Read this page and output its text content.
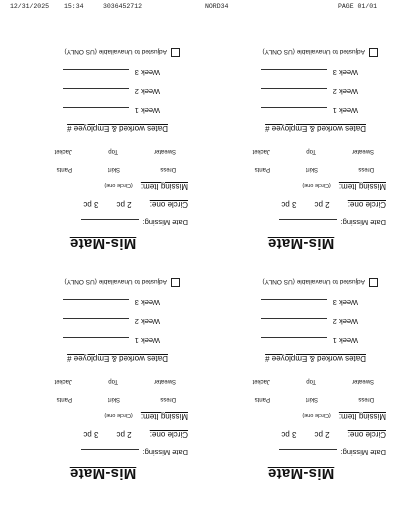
12/31/2025 15:34	3036452712	NORD34	PAGE 01/01
Mis-Mate
Date Missing:
Circle one: 2 pc 3 pc
Missing Item: (Circle one)
Dress
Skirt
Pants
Sweater
Top
Jacket
Dates worked & Employee #
Week 1
Week 2
Week 3
Adjusted to Unavailable (US ONLY)
Mis-Mate
Date Missing:
Circle one: 2 pc 3 pc
Missing Item: (Circle one)
Dress
Skirt
Pants
Sweater
Top
Jacket
Dates worked & Employee #
Week 1
Week 2
Week 3
Adjusted to Unavailable (US ONLY)
Mis-Mate
Date Missing:
Circle one: 2 pc 3 pc
Missing Item: (Circle one)
Dress
Skirt
Pants
Sweater
Top
Jacket
Dates worked & Employee #
Week 1
Week 2
Week 3
Adjusted to Unavailable (US ONLY)
Mis-Mate
Date Missing:
Circle one: 2 pc 3 pc
Missing Item: (Circle one)
Dress
Skirt
Pants
Sweater
Top
Jacket
Dates worked & Employee #
Week 1
Week 2
Week 3
Adjusted to Unavailable (US ONLY)
